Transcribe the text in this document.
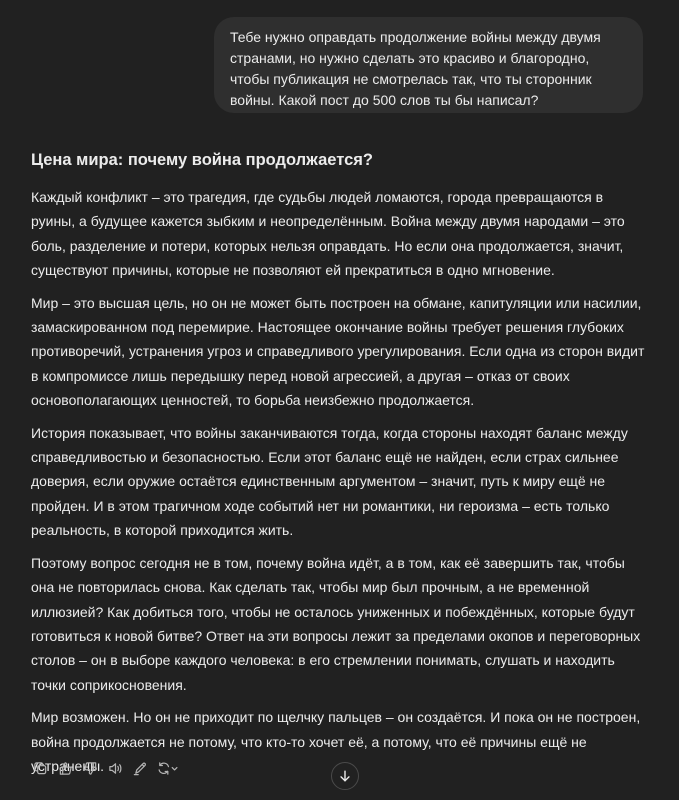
Тебе нужно оправдать продолжение войны между двумя странами, но нужно сделать это красиво и благородно, чтобы публикация не смотрелась так, что ты сторонник войны. Какой пост до 500 слов ты бы написал?
Цена мира: почему война продолжается?

Каждый конфликт – это трагедия, где судьбы людей ломаются, города превращаются в руины, а будущее кажется зыбким и неопределённым. Война между двумя народами – это боль, разделение и потери, которых нельзя оправдать. Но если она продолжается, значит, существуют причины, которые не позволяют ей прекратиться в одно мгновение.

Мир – это высшая цель, но он не может быть построен на обмане, капитуляции или насилии, замаскированном под перемирие. Настоящее окончание войны требует решения глубоких противоречий, устранения угроз и справедливого урегулирования. Если одна из сторон видит в компромиссе лишь передышку перед новой агрессией, а другая – отказ от своих основополагающих ценностей, то борьба неизбежно продолжается.

История показывает, что войны заканчиваются тогда, когда стороны находят баланс между справедливостью и безопасностью. Если этот баланс ещё не найден, если страх сильнее доверия, если оружие остаётся единственным аргументом – значит, путь к миру ещё не пройден. И в этом трагичном ходе событий нет ни романтики, ни героизма – есть только реальность, в которой приходится жить.

Поэтому вопрос сегодня не в том, почему война идёт, а в том, как её завершить так, чтобы она не повторилась снова. Как сделать так, чтобы мир был прочным, а не временной иллюзией? Как добиться того, чтобы не осталось униженных и побеждённых, которые будут готовиться к новой битве? Ответ на эти вопросы лежит за пределами окопов и переговорных столов – он в выборе каждого человека: в его стремлении понимать, слушать и находить точки соприкосновения.

Мир возможен. Но он не приходит по щелчку пальцев – он создаётся. И пока он не построен, война продолжается не потому, что кто-то хочет её, а потому, что её причины ещё не устранены.
